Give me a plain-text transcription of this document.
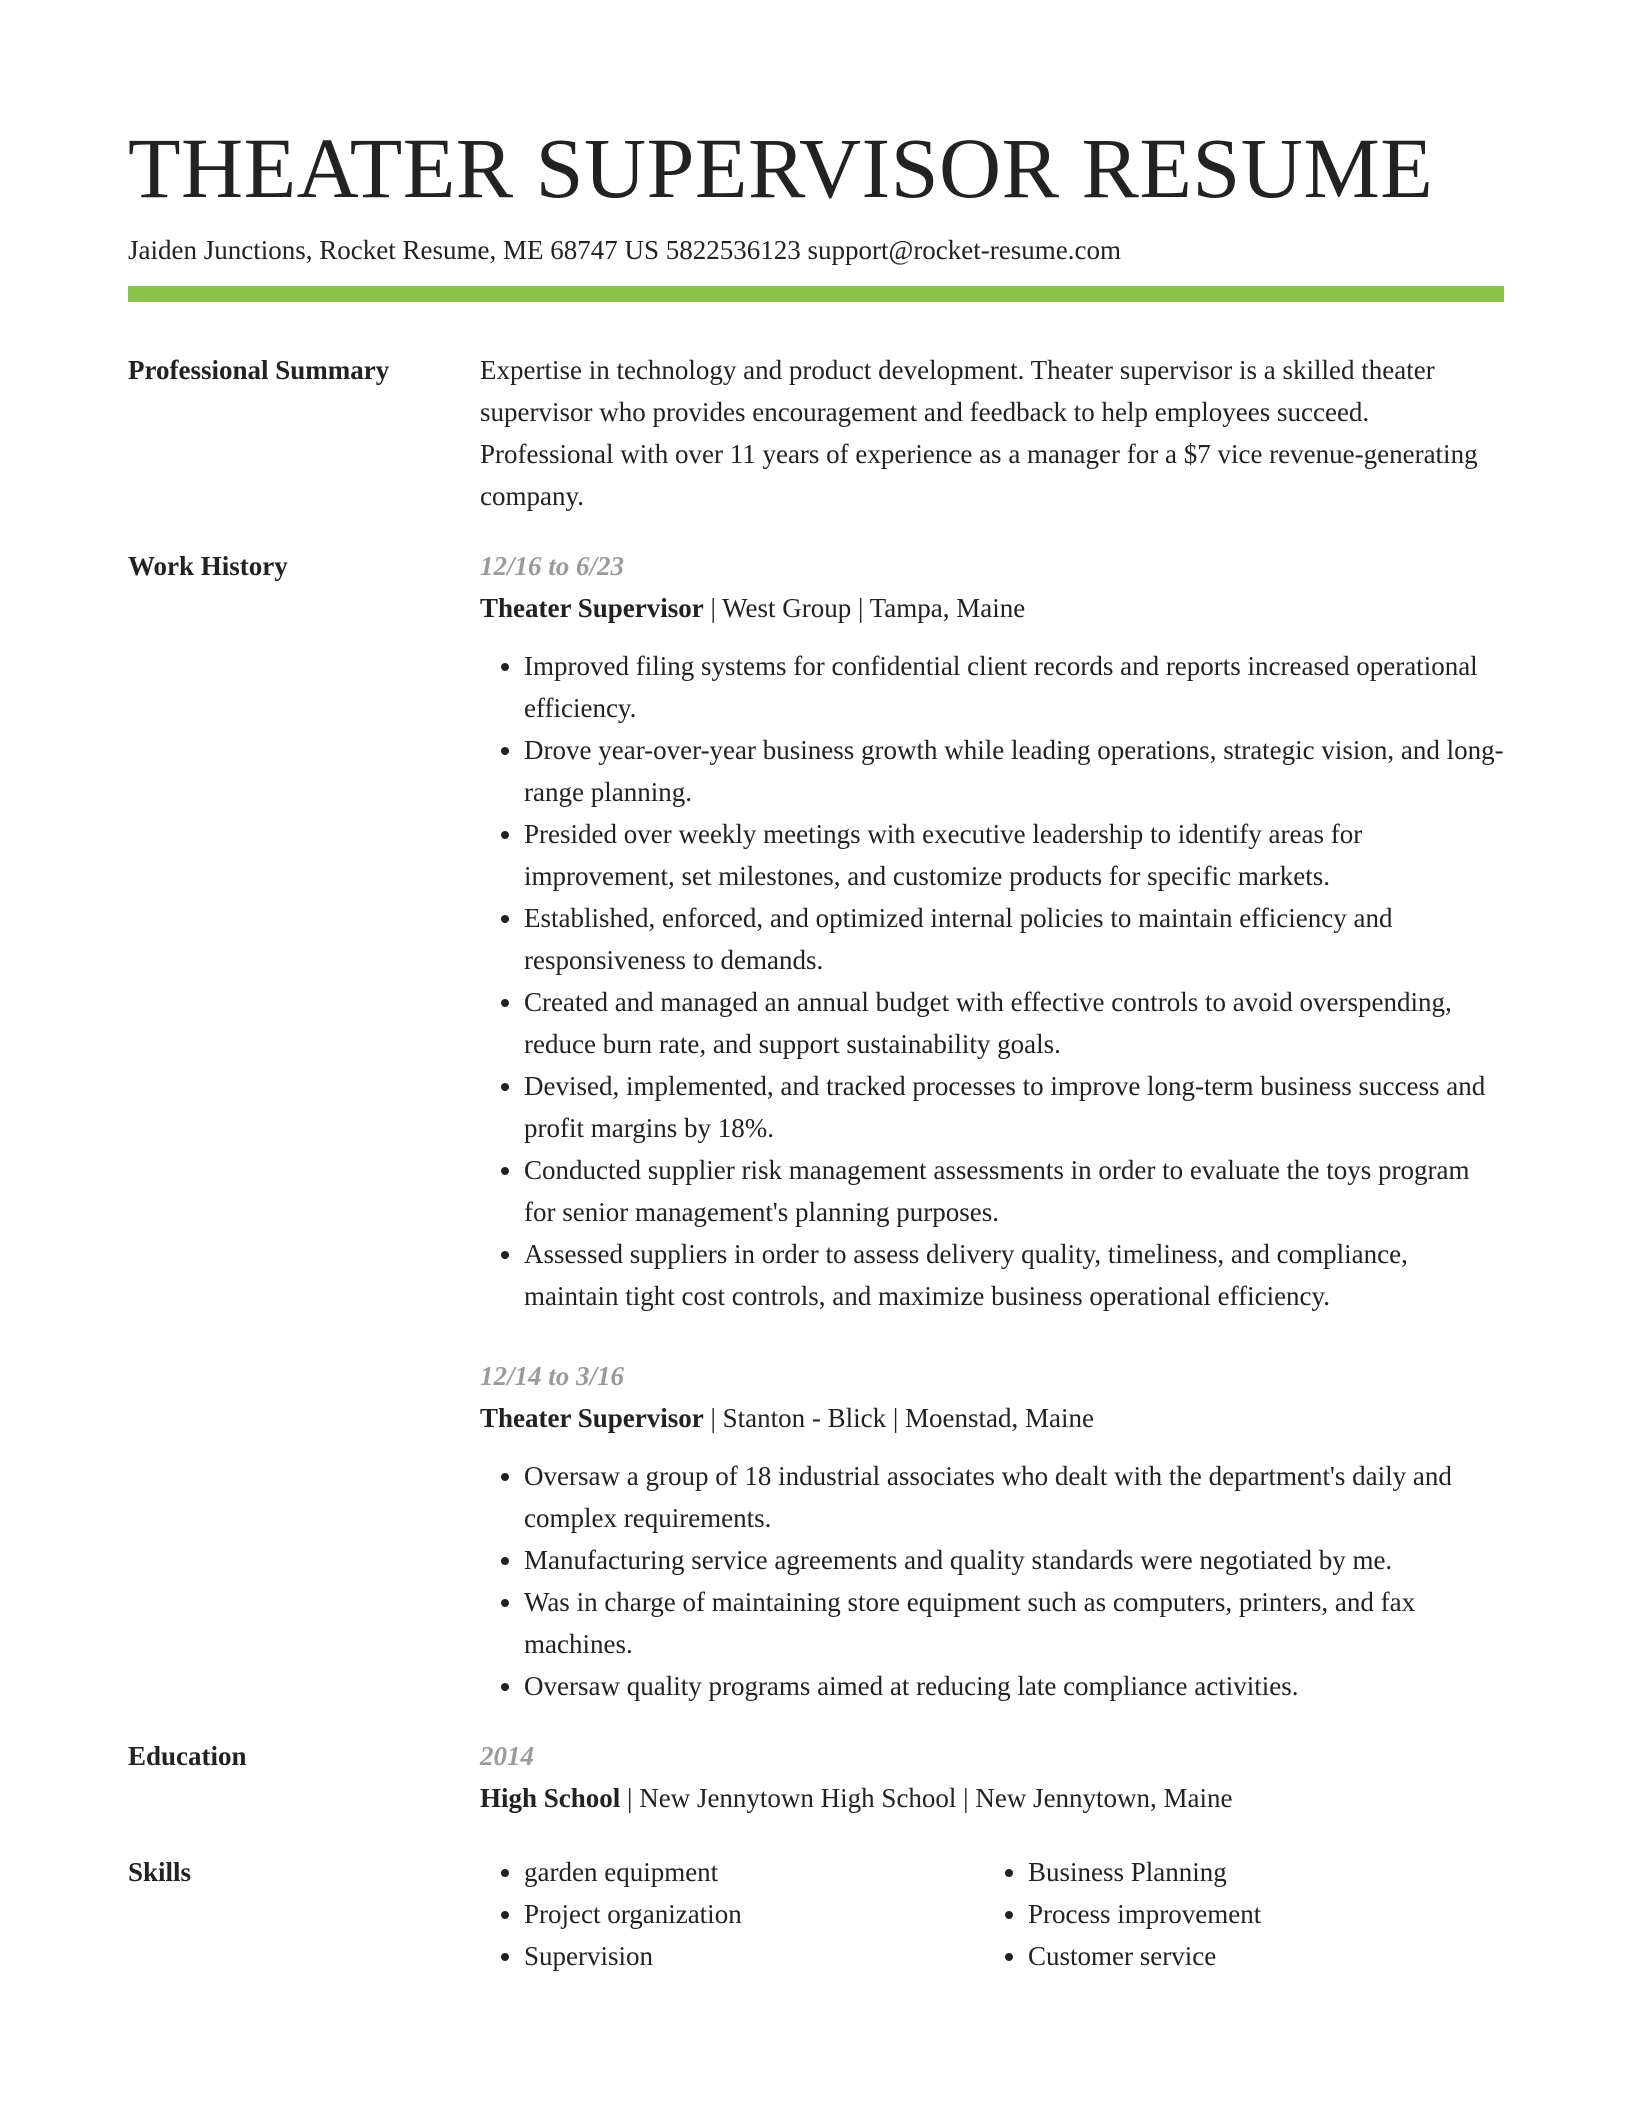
THEATER SUPERVISOR RESUME
Jaiden Junctions, Rocket Resume, ME 68747 US 5822536123 support@rocket-resume.com
Professional Summary	Expertise in technology and product development. Theater supervisor is a skilled theater supervisor who provides encouragement and feedback to help employees succeed. Professional with over 11 years of experience as a manager for a $7 vice revenue-generating company.

Work History	12/16 to 6/23
Theater Supervisor | West Group | Tampa, Maine
• Improved filing systems for confidential client records and reports increased operational efficiency.
• Drove year-over-year business growth while leading operations, strategic vision, and long-range planning.
• Presided over weekly meetings with executive leadership to identify areas for improvement, set milestones, and customize products for specific markets.
• Established, enforced, and optimized internal policies to maintain efficiency and responsiveness to demands.
• Created and managed an annual budget with effective controls to avoid overspending, reduce burn rate, and support sustainability goals.
• Devised, implemented, and tracked processes to improve long-term business success and profit margins by 18%.
• Conducted supplier risk management assessments in order to evaluate the toys program for senior management's planning purposes.
• Assessed suppliers in order to assess delivery quality, timeliness, and compliance, maintain tight cost controls, and maximize business operational efficiency.
12/14 to 3/16
Theater Supervisor | Stanton - Blick | Moenstad, Maine
• Oversaw a group of 18 industrial associates who dealt with the department's daily and complex requirements.
• Manufacturing service agreements and quality standards were negotiated by me.
• Was in charge of maintaining store equipment such as computers, printers, and fax machines.
• Oversaw quality programs aimed at reducing late compliance activities.
Education	2014
High School | New Jennytown High School | New Jennytown, Maine
Skills
•	garden equipment
• Project organization
• Supervision
• Business Planning
• Process improvement
• Customer service
